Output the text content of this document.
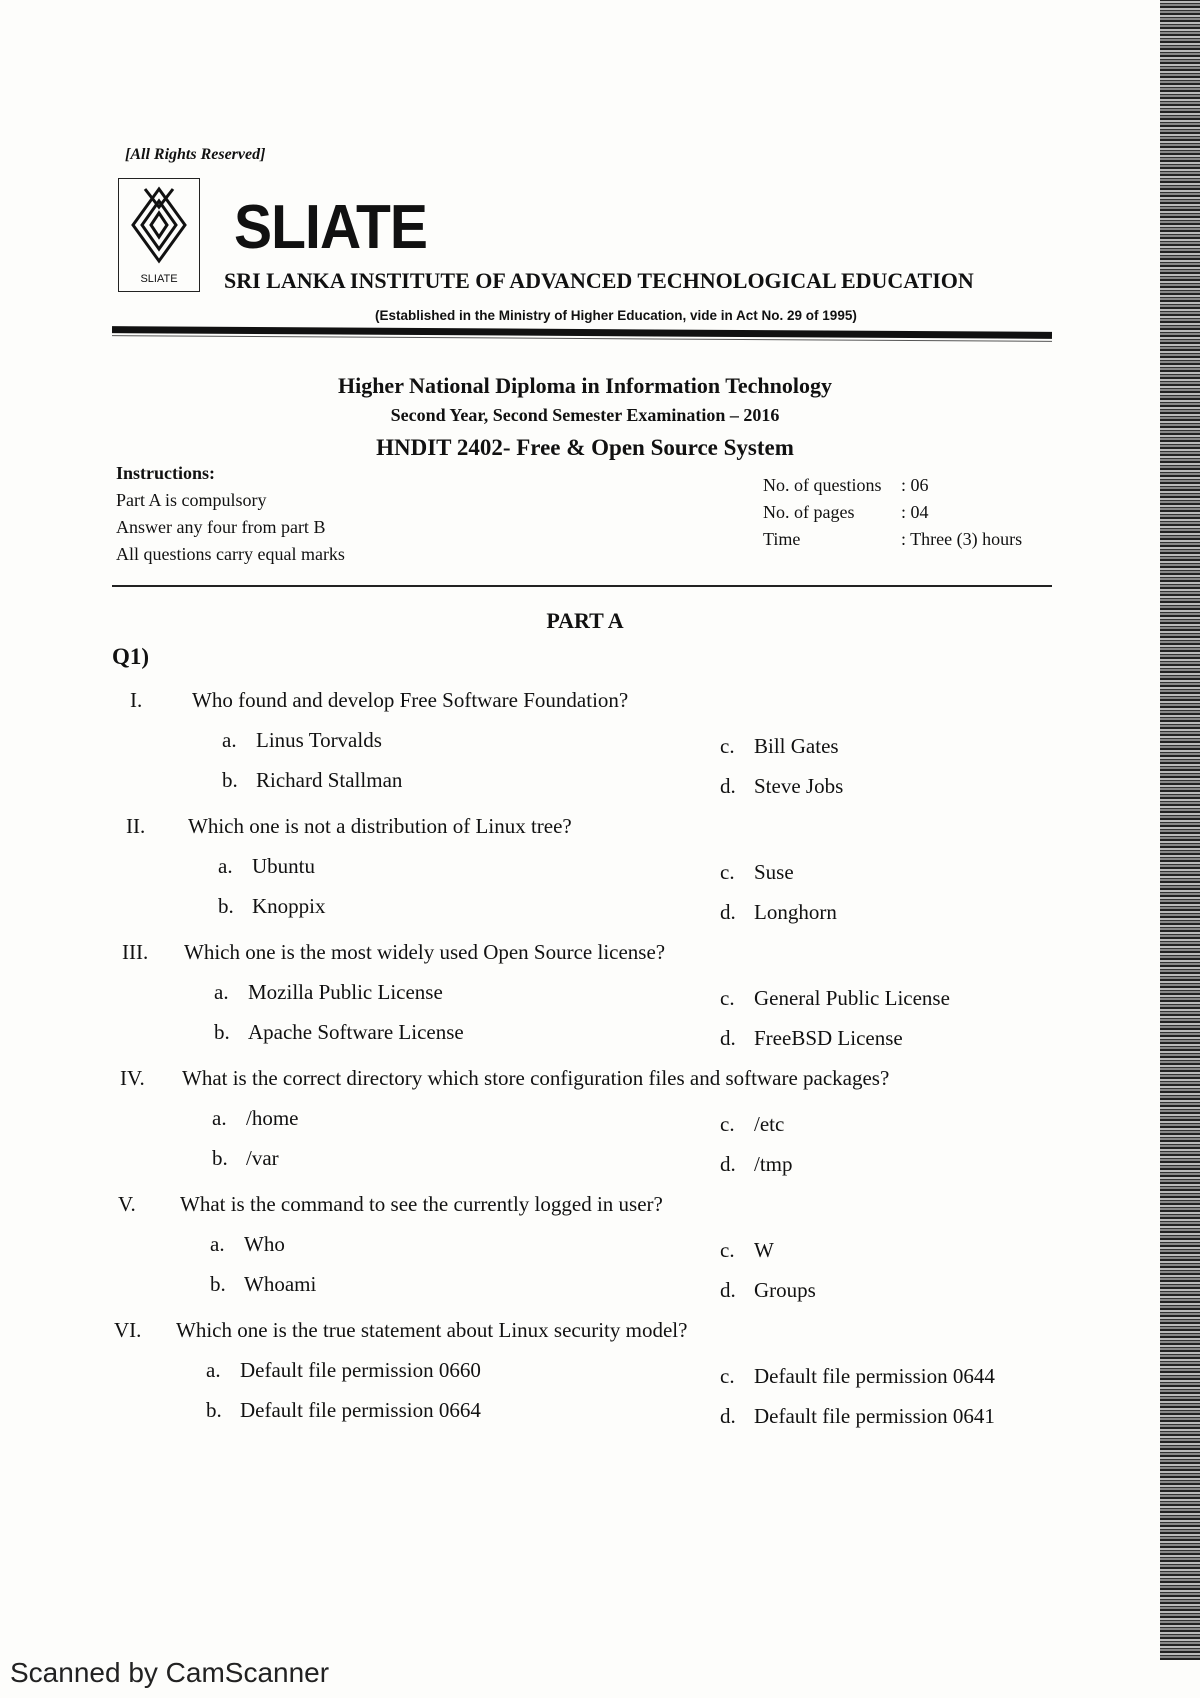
[All Rights Reserved]
SLIATE
SLIATE
SRI LANKA INSTITUTE OF ADVANCED TECHNOLOGICAL EDUCATION
(Established in the Ministry of Higher Education, vide in Act No. 29 of 1995)
Higher National Diploma in Information Technology
Second Year, Second Semester Examination – 2016
HNDIT 2402- Free & Open Source System
Instructions:
Part A is compulsory
Answer any four from part B
All questions carry equal marks
No. of questions	: 06
No. of pages	: 04
Time	: Three (3) hours
PART A
Q1)
I. Who found and develop Free Software Foundation?
a. Linus Torvalds
b. Richard Stallman
c. Bill Gates
d. Steve Jobs
II. Which one is not a distribution of Linux tree?
a. Ubuntu
b. Knoppix
c. Suse
d. Longhorn
III. Which one is the most widely used Open Source license?
a. Mozilla Public License
b. Apache Software License
c. General Public License
d. FreeBSD License
IV. What is the correct directory which store configuration files and software packages?
a. /home
b. /var
c. /etc
d. /tmp
V. What is the command to see the currently logged in user?
a. Who
b. Whoami
c. W
d. Groups
VI. Which one is the true statement about Linux security model?
a. Default file permission 0660
b. Default file permission 0664
c. Default file permission 0644
d. Default file permission 0641
Scanned by CamScanner
